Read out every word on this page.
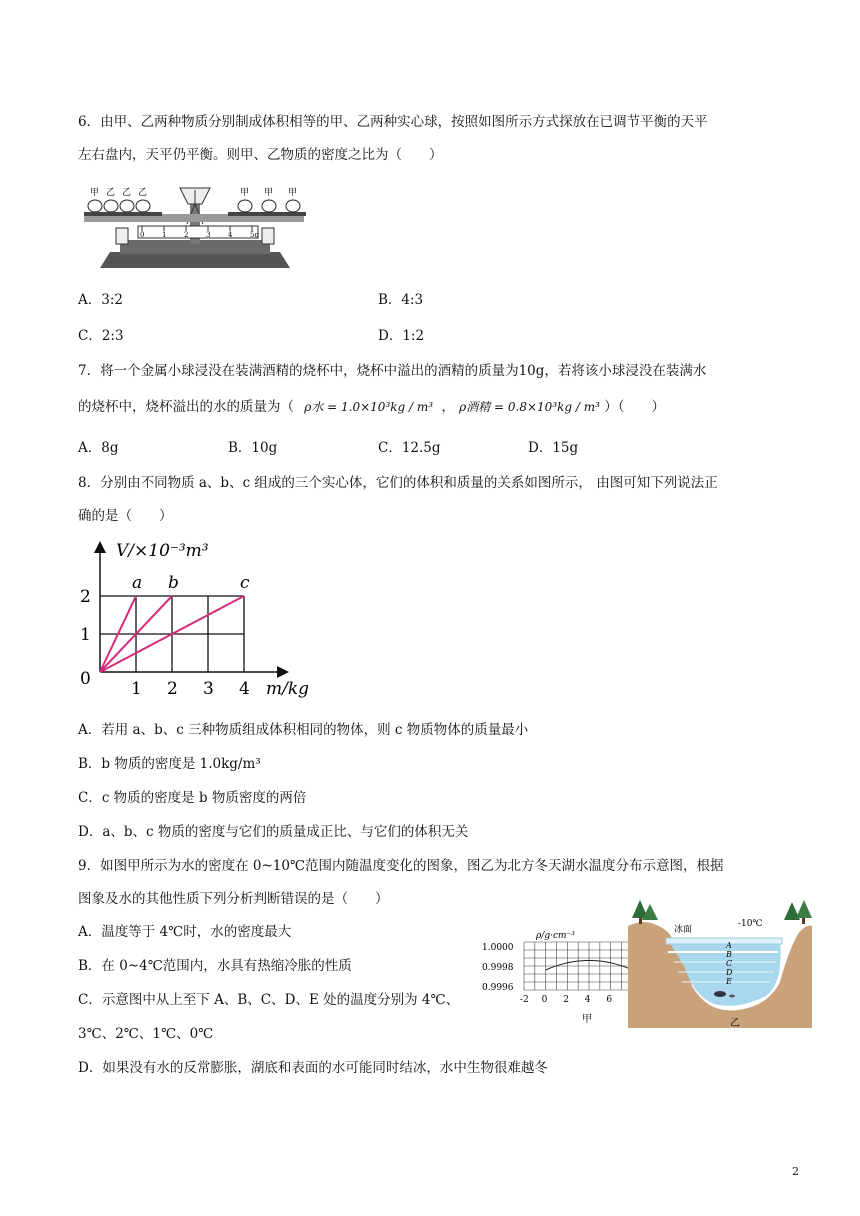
6．由甲、乙两种物质分别制成体积相等的甲、乙两种实心球，按照如图所示方式探放在已调节平衡的天平
左右盘内，天平仍平衡。则甲、乙物质的密度之比为（　　）
甲 乙 乙 乙	甲 甲 甲
0	1	2	3	4	5g
A．3:2	B．4:3
C．2:3	D．1:2
7．将一个金属小球浸没在装满酒精的烧杯中，烧杯中溢出的酒精的质量为10g，若将该小球浸没在装满水
的烧杯中，烧杯溢出的水的质量为（ ρ水 = 1.0×10³kg / m³ ， ρ酒精 = 0.8×10³kg / m³ ）（　　）
A．8g	B．10g	C．12.5g	D．15g
8．分别由不同物质 a、b、c 组成的三个实心体，它们的体积和质量的关系如图所示， 由图可知下列说法正
确的是（　　）
a b	c
1 2 3 4
1
2
0
V/×10⁻³m³
m/kg
A．若用 a、b、c 三种物质组成体积相同的物体，则 c 物质物体的质量最小
B．b 物质的密度是 1.0kg/m³
C．c 物质的密度是 b 物质密度的两倍
D．a、b、c 物质的密度与它们的质量成正比、与它们的体积无关
9．如图甲所示为水的密度在 0~10℃范围内随温度变化的图象，图乙为北方冬天湖水温度分布示意图，根据
图象及水的其他性质下列分析判断错误的是（　　）
A．温度等于 4℃时，水的密度最大
B．在 0~4℃范围内，水具有热缩冷胀的性质
C．示意图中从上至下 A、B、C、D、E 处的温度分别为 4℃、
3℃、2℃、1℃、0℃
D．如果没有水的反常膨胀，湖底和表面的水可能同时结冰，水中生物很难越冬
ρ/g·cm⁻³
1.0000
0.9998
0.9996
-2 0 2 4 6
甲
冰面
-10℃
A
B
C
D
E
乙
2
